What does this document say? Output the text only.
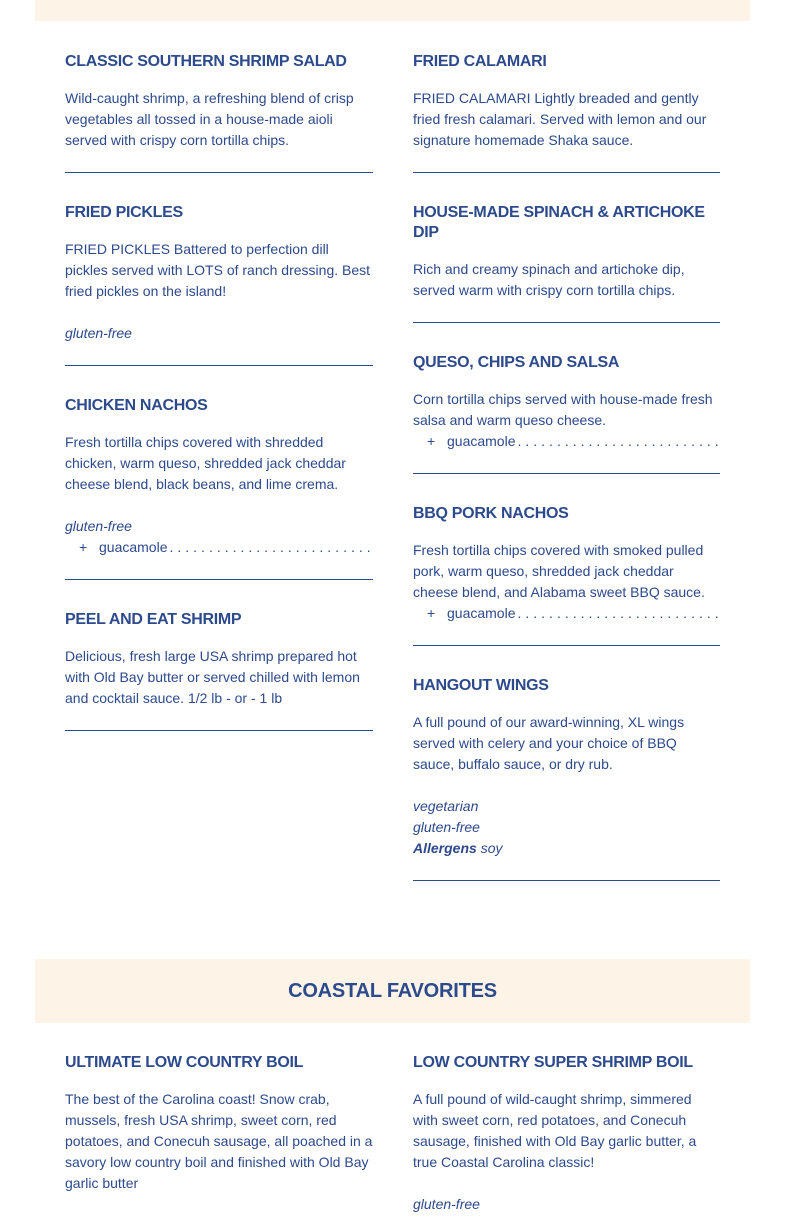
CLASSIC SOUTHERN SHRIMP SALAD

Wild-caught shrimp, a refreshing blend of crisp vegetables all tossed in a house-made aioli served with crispy corn tortilla chips.

FRIED PICKLES

FRIED PICKLES Battered to perfection dill pickles served with LOTS of ranch dressing. Best fried pickles on the island!

gluten-free
CHICKEN NACHOS

Fresh tortilla chips covered with shredded chicken, warm queso, shredded jack cheddar cheese blend, black beans, and lime crema.

gluten-free
+ guacamole
.....
PEEL AND EAT SHRIMP

Delicious, fresh large USA shrimp prepared hot with Old Bay butter or served chilled with lemon and cocktail sauce. 1/2 lb - or - 1 lb

FRIED CALAMARI

FRIED CALAMARI Lightly breaded and gently fried fresh calamari. Served with lemon and our signature homemade Shaka sauce.

HOUSE-MADE SPINACH & ARTICHOKE DIP

Rich and creamy spinach and artichoke dip, served warm with crispy corn tortilla chips.

QUESO, CHIPS AND SALSA

Corn tortilla chips served with house-made fresh salsa and warm queso cheese.

+ guacamole
.....
BBQ PORK NACHOS

Fresh tortilla chips covered with smoked pulled pork, warm queso, shredded jack cheddar cheese blend, and Alabama sweet BBQ sauce.

+ guacamole
.....
HANGOUT WINGS

A full pound of our award-winning, XL wings served with celery and your choice of BBQ sauce, buffalo sauce, or dry rub.

vegetarian
gluten-free
Allergens soy
COASTAL FAVORITES
ULTIMATE LOW COUNTRY BOIL

The best of the Carolina coast! Snow crab, mussels, fresh USA shrimp, sweet corn, red potatoes, and Conecuh sausage, all poached in a savory low country boil and finished with Old Bay garlic butter

LOW COUNTRY SUPER SHRIMP BOIL

A full pound of wild-caught shrimp, simmered with sweet corn, red potatoes, and Conecuh sausage, finished with Old Bay garlic butter, a true Coastal Carolina classic!

gluten-free
